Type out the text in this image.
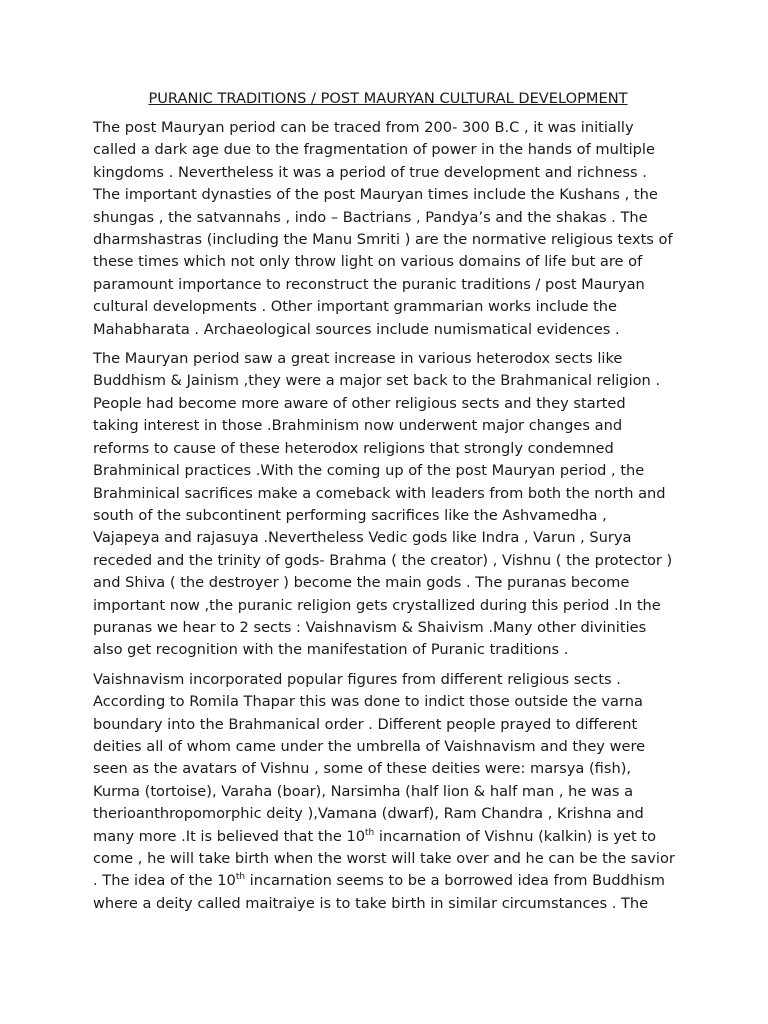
PURANIC TRADITIONS / POST MAURYAN CULTURAL DEVELOPMENT

The post Mauryan period can be traced from 200- 300 B.C , it was initially
called a dark age due to the fragmentation of power in the hands of multiple
kingdoms . Nevertheless it was a period of true development and richness .
The important dynasties of the post Mauryan times include the Kushans , the
shungas , the satvannahs , indo – Bactrians , Pandya’s and the shakas . The
dharmshastras (including the Manu Smriti ) are the normative religious texts of
these times which not only throw light on various domains of life but are of
paramount importance to reconstruct the puranic traditions / post Mauryan
cultural developments . Other important grammarian works include the
Mahabharata . Archaeological sources include numismatical evidences .

The Mauryan period saw a great increase in various heterodox sects like
Buddhism & Jainism ,they were a major set back to the Brahmanical religion .
People had become more aware of other religious sects and they started
taking interest in those .Brahminism now underwent major changes and
reforms to cause of these heterodox religions that strongly condemned
Brahminical practices .With the coming up of the post Mauryan period , the
Brahminical sacrifices make a comeback with leaders from both the north and
south of the subcontinent performing sacrifices like the Ashvamedha ,
Vajapeya and rajasuya .Nevertheless Vedic gods like Indra , Varun , Surya
receded and the trinity of gods- Brahma ( the creator) , Vishnu ( the protector )
and Shiva ( the destroyer ) become the main gods . The puranas become
important now ,the puranic religion gets crystallized during this period .In the
puranas we hear to 2 sects : Vaishnavism & Shaivism .Many other divinities
also get recognition with the manifestation of Puranic traditions .

Vaishnavism incorporated popular figures from different religious sects .
According to Romila Thapar this was done to indict those outside the varna
boundary into the Brahmanical order . Different people prayed to different
deities all of whom came under the umbrella of Vaishnavism and they were
seen as the avatars of Vishnu , some of these deities were: marsya (fish),
Kurma (tortoise), Varaha (boar), Narsimha (half lion & half man , he was a
therioanthropomorphic deity ),Vamana (dwarf), Ram Chandra , Krishna and
many more .It is believed that the 10th incarnation of Vishnu (kalkin) is yet to
come , he will take birth when the worst will take over and he can be the savior
. The idea of the 10th incarnation seems to be a borrowed idea from Buddhism
where a deity called maitraiye is to take birth in similar circumstances . The
